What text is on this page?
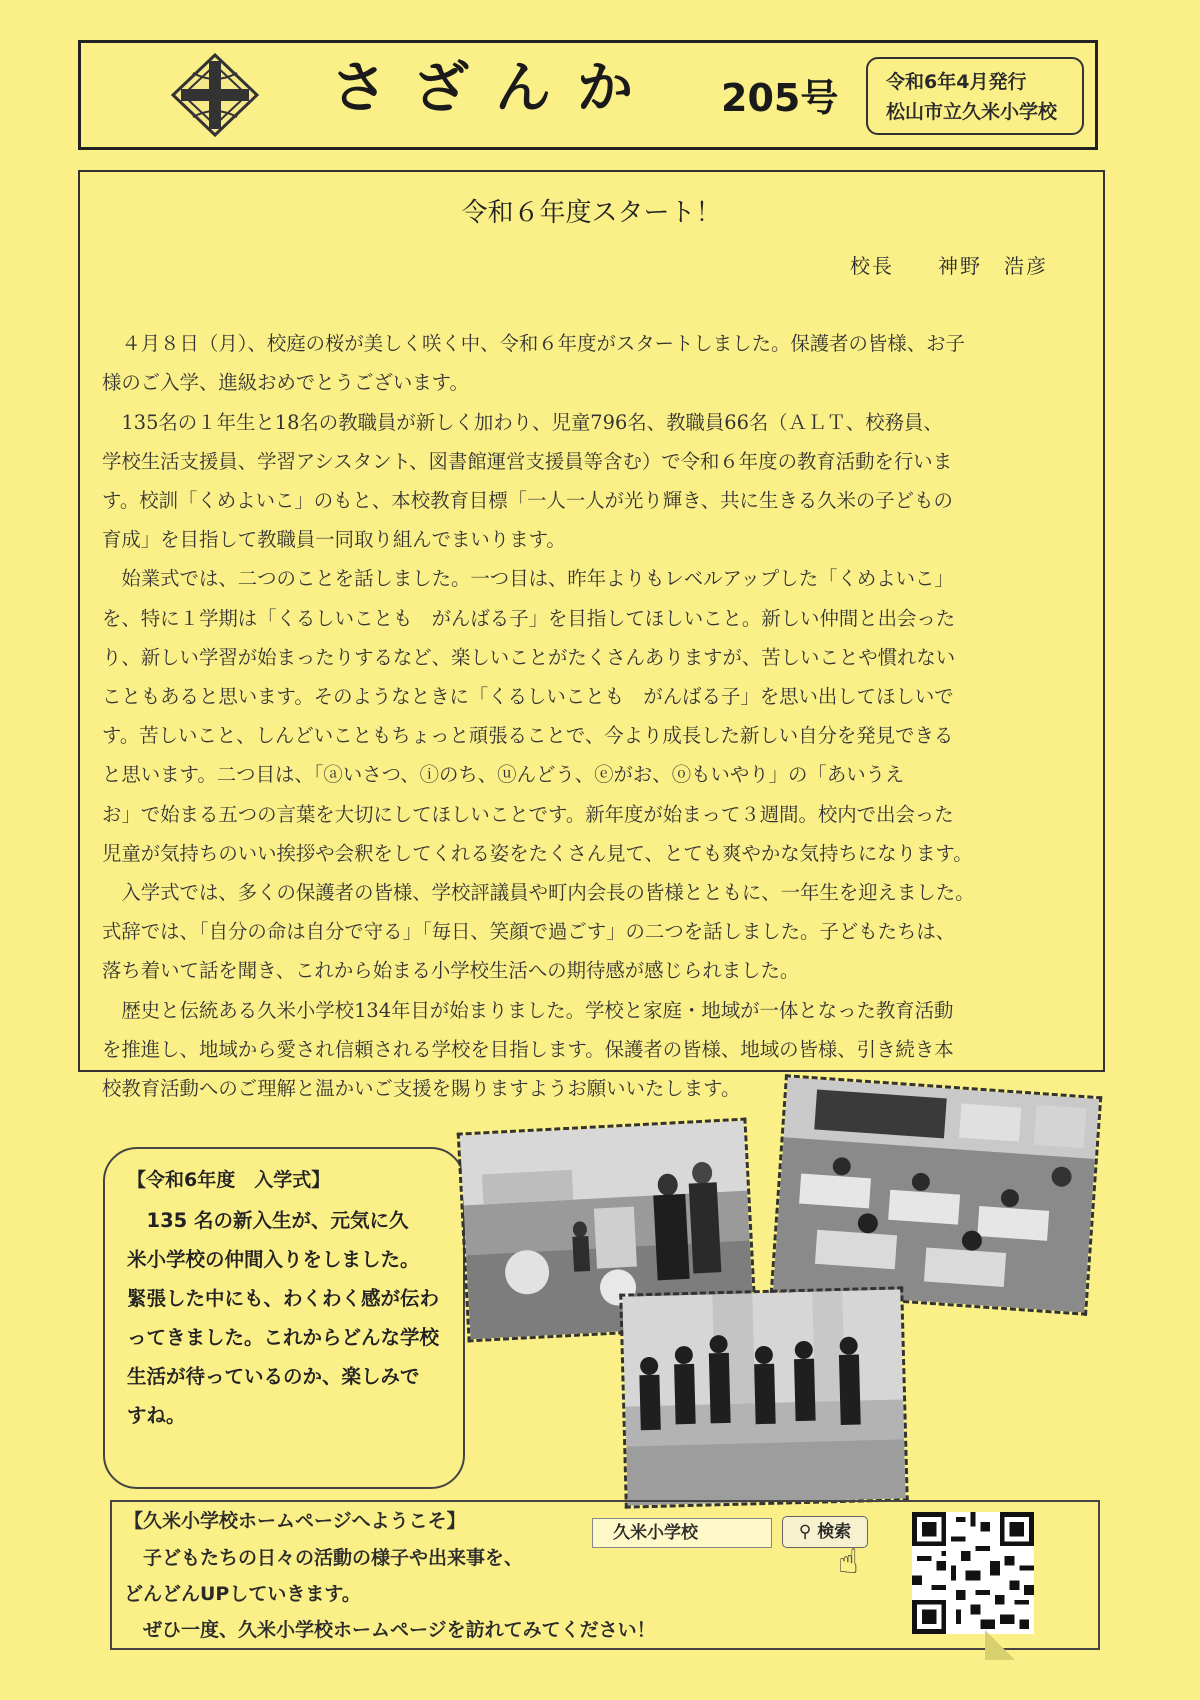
さざんか 205号	令和6年4月発行
松山市立久米小学校
令和６年度スタート！
校長　　神野　浩彦

　４月８日（月）、校庭の桜が美しく咲く中、令和６年度がスタートしました。保護者の皆様、お子
様のご入学、進級おめでとうございます。
　135名の１年生と18名の教職員が新しく加わり、児童796名、教職員66名（ＡＬＴ、校務員、
学校生活支援員、学習アシスタント、図書館運営支援員等含む）で令和６年度の教育活動を行いま
す。校訓「くめよいこ」のもと、本校教育目標「一人一人が光り輝き、共に生きる久米の子どもの
育成」を目指して教職員一同取り組んでまいります。
　始業式では、二つのことを話しました。一つ目は、昨年よりもレベルアップした「くめよいこ」
を、特に１学期は「くるしいことも　がんばる子」を目指してほしいこと。新しい仲間と出会った
り、新しい学習が始まったりするなど、楽しいことがたくさんありますが、苦しいことや慣れない
こともあると思います。そのようなときに「くるしいことも　がんばる子」を思い出してほしいで
す。苦しいこと、しんどいこともちょっと頑張ることで、今より成長した新しい自分を発見できる
と思います。二つ目は、「ⓐいさつ、ⓘのち、ⓤんどう、ⓔがお、ⓞもいやり」の「あいうえ
お」で始まる五つの言葉を大切にしてほしいことです。新年度が始まって３週間。校内で出会った
児童が気持ちのいい挨拶や会釈をしてくれる姿をたくさん見て、とても爽やかな気持ちになります。
　入学式では、多くの保護者の皆様、学校評議員や町内会長の皆様とともに、一年生を迎えました。
式辞では、「自分の命は自分で守る」「毎日、笑顔で過ごす」の二つを話しました。子どもたちは、
落ち着いて話を聞き、これから始まる小学校生活への期待感が感じられました。
　歴史と伝統ある久米小学校134年目が始まりました。学校と家庭・地域が一体となった教育活動
を推進し、地域から愛され信頼される学校を目指します。保護者の皆様、地域の皆様、引き続き本
校教育活動へのご理解と温かいご支援を賜りますようお願いいたします。

【令和6年度　入学式】
　135 名の新入生が、元気に久
米小学校の仲間入りをしました。
緊張した中にも、わくわく感が伝わ
ってきました。これからどんな学校
生活が待っているのか、楽しみで
すね。
【久米小学校ホームページへようこそ】
　子どもたちの日々の活動の様子や出来事を、
どんどんUPしていきます。
　ぜひ一度、久米小学校ホームページを訪れてみてください！
久米小学校	⚲ 検索
☝
